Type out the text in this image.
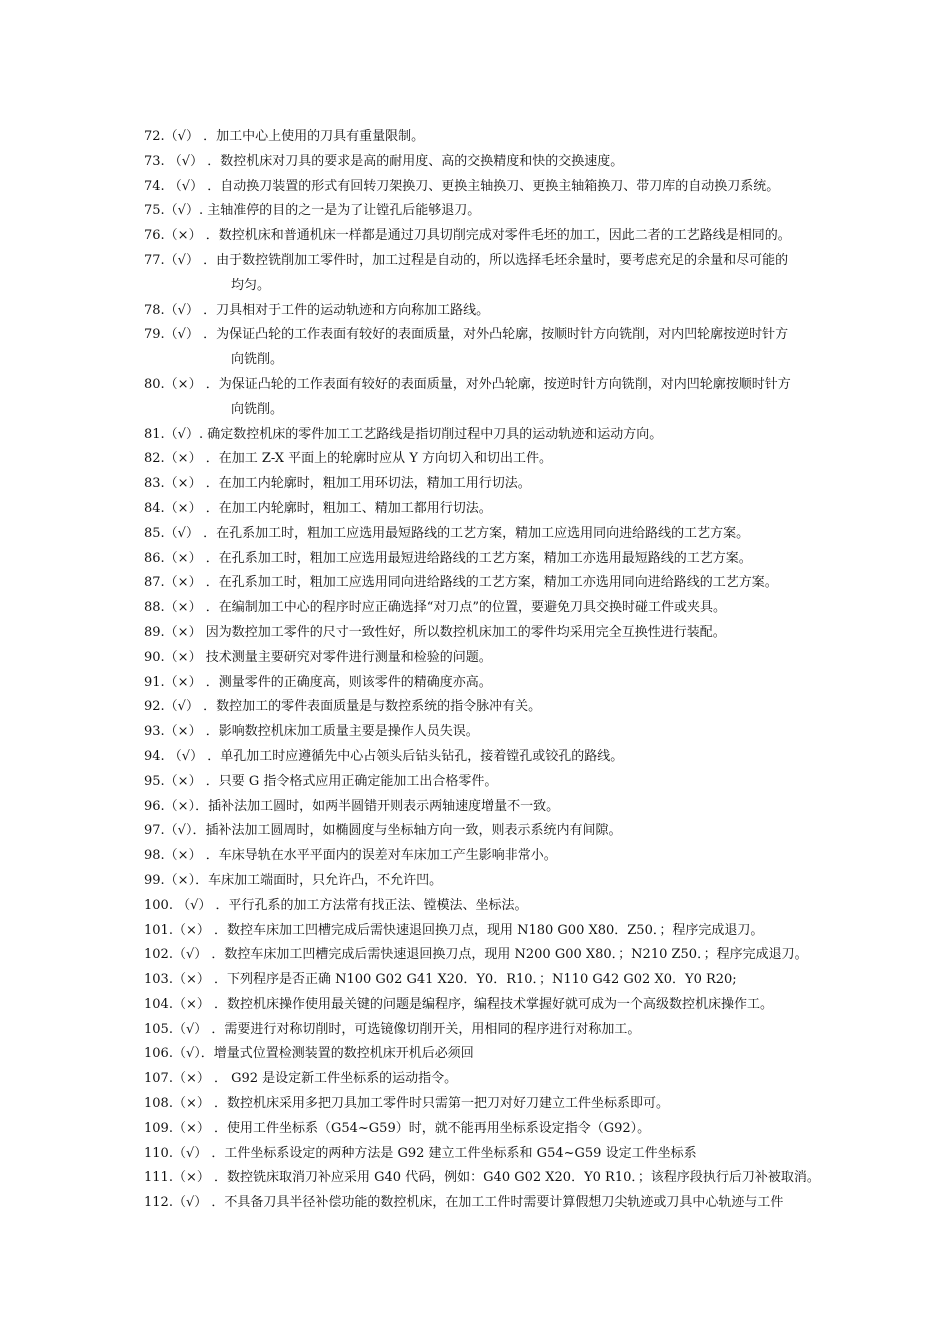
72.（√） ．加工中心上使用的刀具有重量限制。
73. （√） ．数控机床对刀具的要求是高的耐用度、高的交换精度和快的交换速度。
74. （√） ．自动换刀装置的形式有回转刀架换刀、更换主轴换刀、更换主轴箱换刀、带刀库的自动换刀系统。
75.（√）. 主轴准停的目的之一是为了让镗孔后能够退刀。
76.（×） ．数控机床和普通机床一样都是通过刀具切削完成对零件毛坯的加工，因此二者的工艺路线是相同的。
77.（√） ．由于数控铣削加工零件时，加工过程是自动的，所以选择毛坯余量时，要考虑充足的余量和尽可能的
均匀。
78.（√） ．刀具相对于工件的运动轨迹和方向称加工路线。
79.（√） ．为保证凸轮的工作表面有较好的表面质量，对外凸轮廓，按顺时针方向铣削，对内凹轮廓按逆时针方
向铣削。
80.（×） ．为保证凸轮的工作表面有较好的表面质量，对外凸轮廓，按逆时针方向铣削，对内凹轮廓按顺时针方
向铣削。
81.（√）. 确定数控机床的零件加工工艺路线是指切削过程中刀具的运动轨迹和运动方向。
82.（×） ．在加工 Z-X 平面上的轮廓时应从 Y 方向切入和切出工件。
83.（×） ．在加工内轮廓时，粗加工用环切法，精加工用行切法。
84.（×） ．在加工内轮廓时，粗加工、精加工都用行切法。
85.（√） ．在孔系加工时，粗加工应选用最短路线的工艺方案，精加工应选用同向进给路线的工艺方案。
86.（×） ．在孔系加工时，粗加工应选用最短进给路线的工艺方案，精加工亦选用最短路线的工艺方案。
87.（×） ．在孔系加工时，粗加工应选用同向进给路线的工艺方案，精加工亦选用同向进给路线的工艺方案。
88.（×） ．在编制加工中心的程序时应正确选择“对刀点”的位置，要避免刀具交换时碰工件或夹具。
89.（×） 因为数控加工零件的尺寸一致性好，所以数控机床加工的零件均采用完全互换性进行装配。
90.（×） 技术测量主要研究对零件进行测量和检验的问题。
91.（×） ．测量零件的正确度高，则该零件的精确度亦高。
92.（√） ．数控加工的零件表面质量是与数控系统的指令脉冲有关。
93.（×） ．影响数控机床加工质量主要是操作人员失误。
94. （√） ．单孔加工时应遵循先中心占领头后钻头钻孔，接着镗孔或铰孔的路线。
95.（×） ．只要 G 指令格式应用正确定能加工出合格零件。
96.（×）．插补法加工圆时，如两半圆错开则表示两轴速度增量不一致。
97.（√）．插补法加工圆周时，如椭圆度与坐标轴方向一致，则表示系统内有间隙。
98.（×） ．车床导轨在水平平面内的误差对车床加工产生影响非常小。
99.（×）．车床加工端面时，只允许凸，不允许凹。
100. （√） ．平行孔系的加工方法常有找正法、镗模法、坐标法。
101.（×） ．数控车床加工凹槽完成后需快速退回换刀点，现用 N180 G00 X80．Z50．；程序完成退刀。
102.（√） ．数控车床加工凹槽完成后需快速退回换刀点，现用 N200 G00 X80．；N210 Z50．；程序完成退刀。
103.（×） ．下列程序是否正确 N100 G02 G41 X20．Y0．R10．；N110 G42 G02 X0．Y0 R20;
104.（×） ．数控机床操作使用最关键的问题是编程序，编程技术掌握好就可成为一个高级数控机床操作工。
105.（√） ．需要进行对称切削时，可选镜像切削开关，用相同的程序进行对称加工。
106.（√）．增量式位置检测装置的数控机床开机后必须回
107.（×） ． G92 是设定新工件坐标系的运动指令。
108.（×） ．数控机床采用多把刀具加工零件时只需第一把刀对好刀建立工件坐标系即可。
109.（×） ．使用工件坐标系（G54~G59）时，就不能再用坐标系设定指令（G92）。
110.（√） ．工件坐标系设定的两种方法是 G92 建立工件坐标系和 G54~G59 设定工件坐标系
111.（×） ．数控铣床取消刀补应采用 G40 代码，例如：G40 G02 X20．Y0 R10．；该程序段执行后刀补被取消。
112.（√） ．不具备刀具半径补偿功能的数控机床，在加工工件时需要计算假想刀尖轨迹或刀具中心轨迹与工件
